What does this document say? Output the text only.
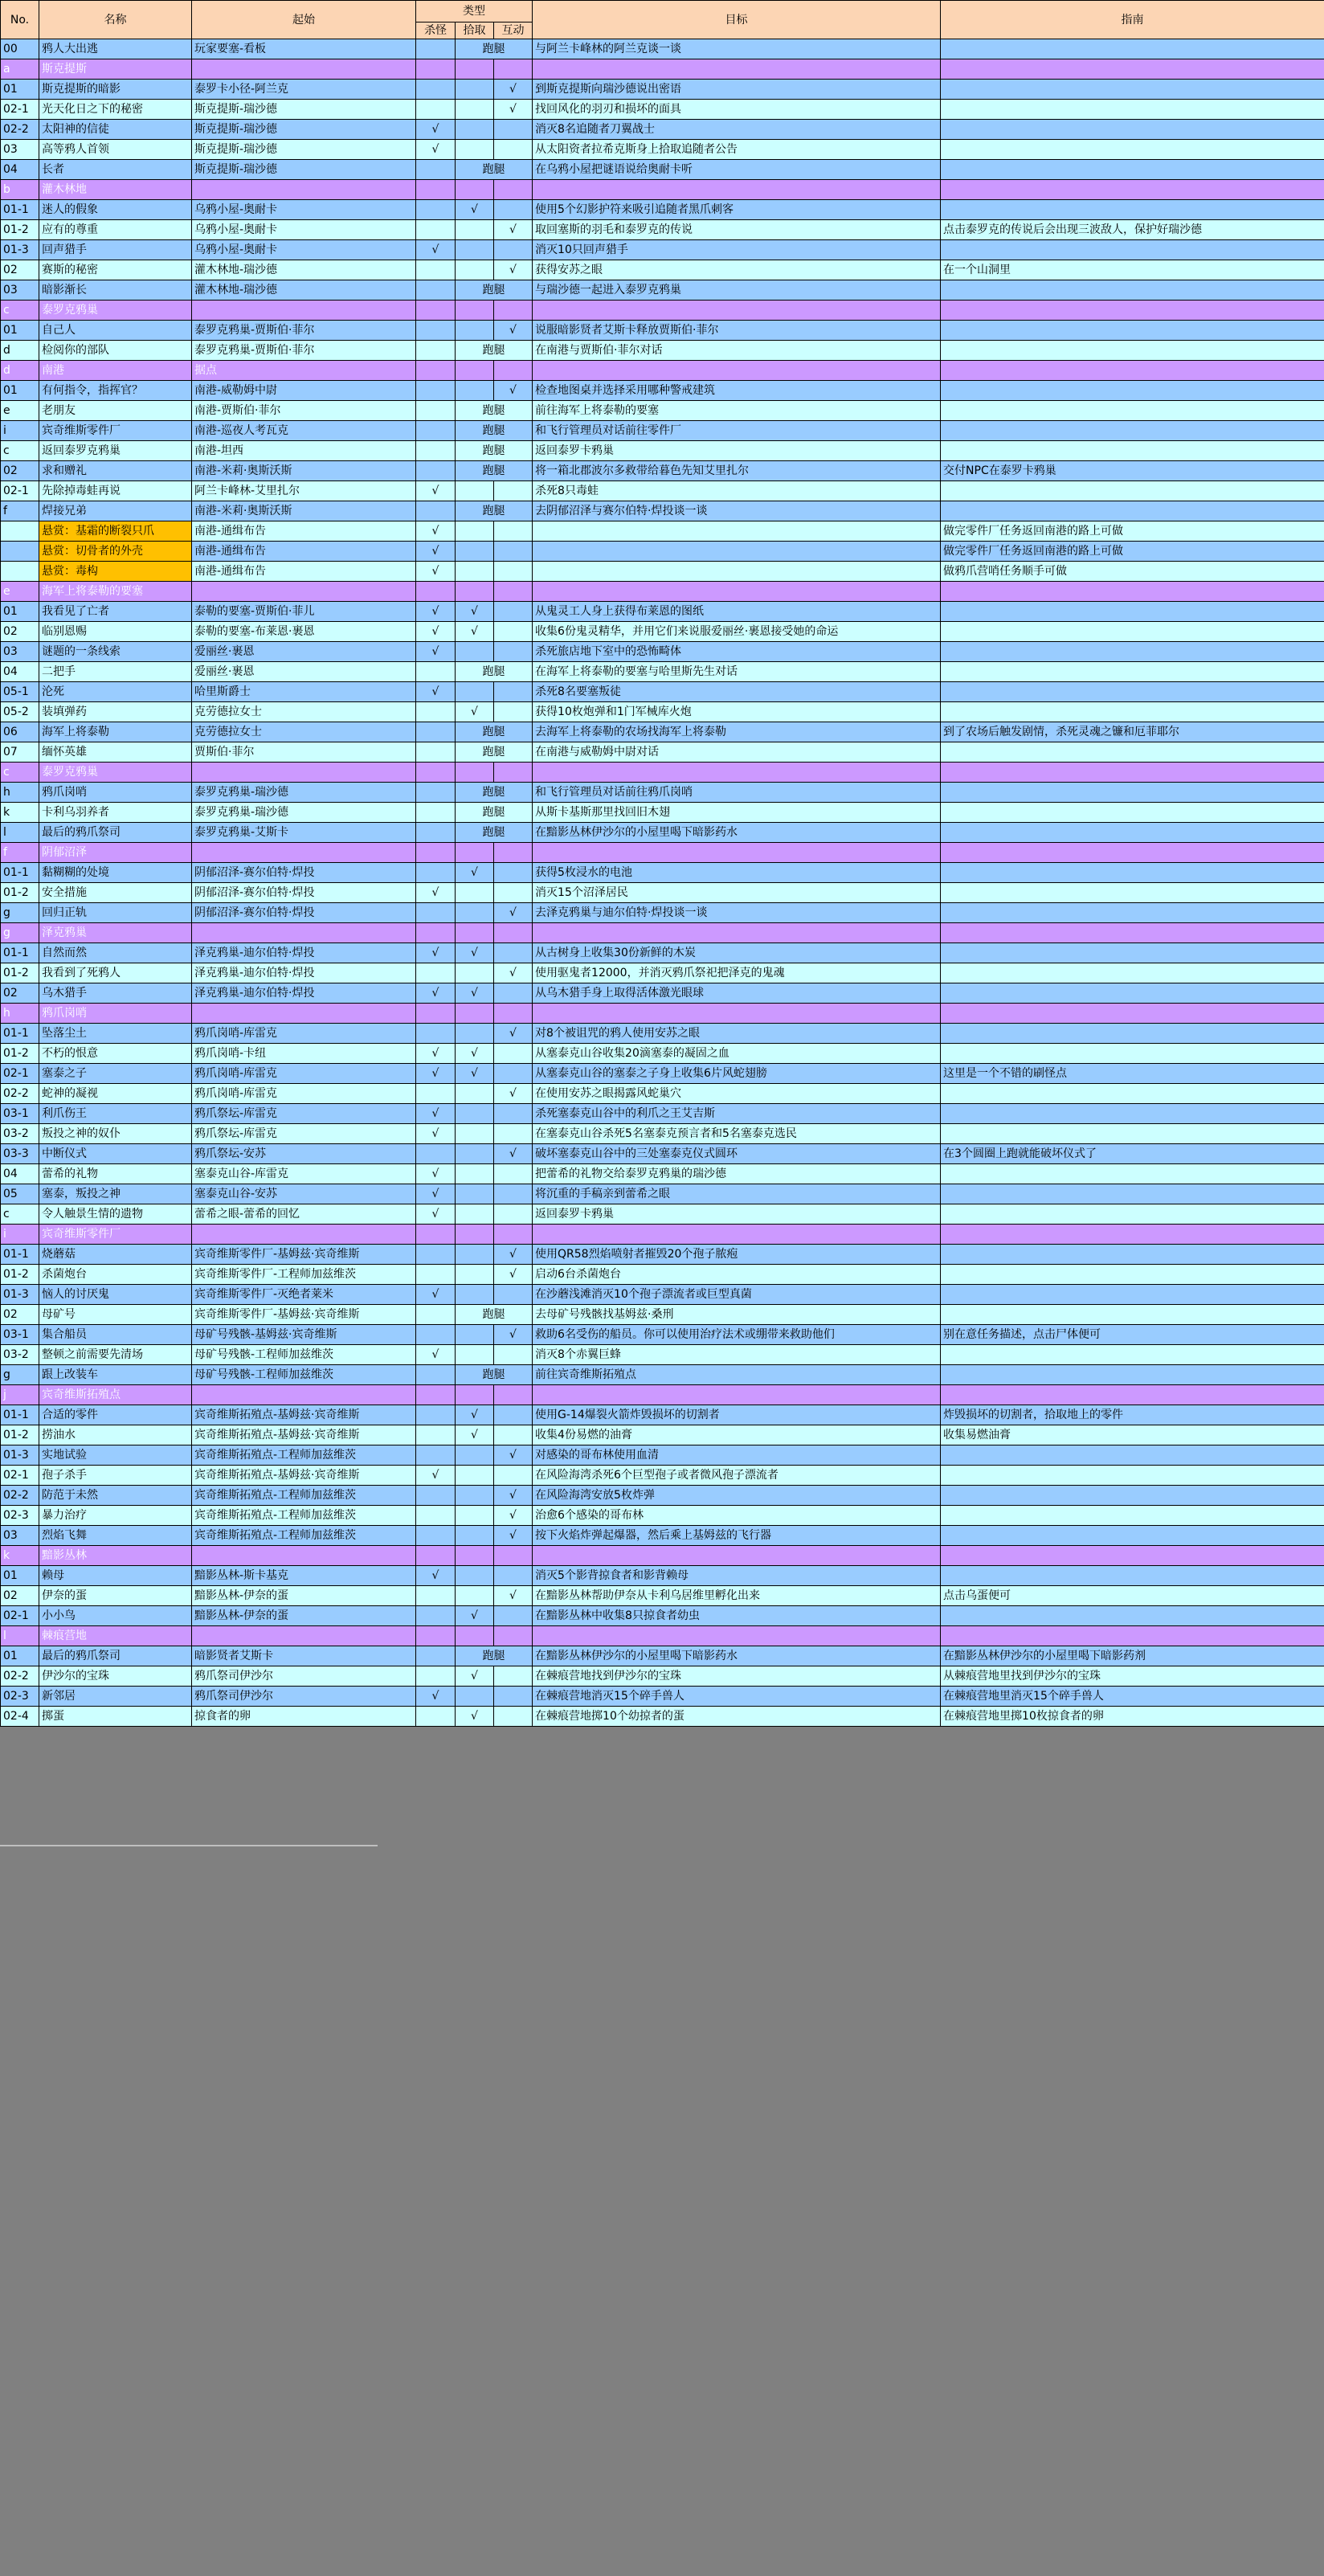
No.	名称	起始	类型			目标	指南
			杀怪	拾取	互动		
00	鸦人大出逃	玩家要塞-看板		跑腿		与阿兰卡峰林的阿兰克谈一谈	
a	斯克提斯						
01	斯克提斯的暗影	泰罗卡小径-阿兰克			√	到斯克提斯向瑞沙德说出密语	
02-1	光天化日之下的秘密	斯克提斯-瑞沙德			√	找回风化的羽刃和损坏的面具	
02-2	太阳神的信徒	斯克提斯-瑞沙德	√			消灭8名追随者刀翼战士	
03	高等鸦人首领	斯克提斯-瑞沙德	√			从太阳资者拉希克斯身上拾取追随者公告	
04	长者	斯克提斯-瑞沙德		跑腿		在乌鸦小屋把谜语说给奥耐卡听	
b	灌木林地						
01-1	迷人的假象	乌鸦小屋-奥耐卡		√		使用5个幻影护符来吸引追随者黑爪刺客	
01-2	应有的尊重	乌鸦小屋-奥耐卡			√	取回塞斯的羽毛和泰罗克的传说	点击泰罗克的传说后会出现三波敌人，保护好瑞沙德
01-3	回声猎手	乌鸦小屋-奥耐卡	√			消灭10只回声猎手	
02	赛斯的秘密	灌木林地-瑞沙德			√	获得安苏之眼	在一个山洞里
03	暗影渐长	灌木林地-瑞沙德		跑腿		与瑞沙德一起进入泰罗克鸦巢	
c	泰罗克鸦巢						
01	自己人	泰罗克鸦巢-贾斯伯·菲尔			√	说服暗影贤者艾斯卡释放贾斯伯·菲尔	
d	检阅你的部队	泰罗克鸦巢-贾斯伯·菲尔		跑腿		在南港与贾斯伯·菲尔对话	
d	南港	据点					
01	有何指令，指挥官？	南港-威勒姆中尉			√	检查地图桌并选择采用哪种警戒建筑	
e	老朋友	南港-贾斯伯·菲尔		跑腿		前往海军上将泰勒的要塞	
i	宾奇维斯零件厂	南港-巡夜人考瓦克		跑腿		和飞行管理员对话前往零件厂	
c	返回泰罗克鸦巢	南港-坦西		跑腿		返回泰罗卡鸦巢	
02	求和赠礼	南港-米莉·奥斯沃斯		跑腿		将一箱北郡波尔多救带给暮色先知艾里扎尔	交付NPC在泰罗卡鸦巢
02-1	先除掉毒蛙再说	阿兰卡峰林-艾里扎尔	√			杀死8只毒蛙	
f	焊接兄弟	南港-米莉·奥斯沃斯		跑腿		去阴郁沼泽与赛尔伯特·焊投谈一谈	
	悬赏：基霜的断裂只爪	南港-通缉布告	√				做完零件厂任务返回南港的路上可做
	悬赏：切骨者的外壳	南港-通缉布告	√				做完零件厂任务返回南港的路上可做
	悬赏：毒构	南港-通缉布告	√				做鸦爪营哨任务顺手可做
e	海军上将泰勒的要塞						
01	我看见了亡者	泰勒的要塞-贾斯伯·菲儿	√	√		从鬼灵工人身上获得布莱恩的图纸	
02	临别恩赐	泰勒的要塞-布莱恩·裹恩	√	√		收集6份鬼灵精华，并用它们来说服爱丽丝·裹恩接受她的命运	
03	谜题的一条线索	爱丽丝·裹恩	√			杀死旅店地下室中的恐怖畸体	
04	二把手	爱丽丝·裹恩		跑腿		在海军上将泰勒的要塞与哈里斯先生对话	
05-1	沦死	哈里斯爵士	√			杀死8名要塞叛徒	
05-2	装填弹药	克劳德拉女士		√		获得10枚炮弹和1门军械库火炮	
06	海军上将泰勒	克劳德拉女士		跑腿		去海军上将泰勒的农场找海军上将泰勒	到了农场后触发剧情，杀死灵魂之镰和厄菲耶尔
07	缅怀英雄	贾斯伯·菲尔		跑腿		在南港与威勒姆中尉对话	
c	泰罗克鸦巢						
h	鸦爪岗哨	泰罗克鸦巢-瑞沙德		跑腿		和飞行管理员对话前往鸦爪岗哨	
k	卡利乌羽养者	泰罗克鸦巢-瑞沙德		跑腿		从斯卡基斯那里找回旧木翅	
l	最后的鸦爪祭司	泰罗克鸦巢-艾斯卡		跑腿		在黯影丛林伊沙尔的小屋里喝下暗影药水	
f	阴郁沼泽						
01-1	黏糊糊的处境	阴郁沼泽-赛尔伯特·焊投		√		获得5枚浸水的电池	
01-2	安全措施	阴郁沼泽-赛尔伯特·焊投	√			消灭15个沼泽居民	
g	回归正轨	阴郁沼泽-赛尔伯特·焊投			√	去泽克鸦巢与迪尔伯特·焊投谈一谈	
g	泽克鸦巢						
01-1	自然而然	泽克鸦巢-迪尔伯特·焊投	√	√		从古树身上收集30份新鲜的木炭	
01-2	我看到了死鸦人	泽克鸦巢-迪尔伯特·焊投			√	使用驱鬼者12000，并消灭鸦爪祭祀把泽克的鬼魂	
02	乌木猎手	泽克鸦巢-迪尔伯特·焊投	√	√		从乌木猎手身上取得活体激光眼球	
h	鸦爪岗哨						
01-1	坠落尘土	鸦爪岗哨-库雷克			√	对8个被诅咒的鸦人使用安苏之眼	
01-2	不朽的恨意	鸦爪岗哨-卡纽	√	√		从塞泰克山谷收集20滴塞泰的凝固之血	
02-1	塞泰之子	鸦爪岗哨-库雷克	√	√		从塞泰克山谷的塞泰之子身上收集6片风蛇翅膀	这里是一个不错的刷怪点
02-2	蛇神的凝视	鸦爪岗哨-库雷克			√	在使用安苏之眼揭露风蛇巢穴	
03-1	利爪伤王	鸦爪祭坛-库雷克	√			杀死塞泰克山谷中的利爪之王艾吉斯	
03-2	叛投之神的奴仆	鸦爪祭坛-库雷克	√			在塞泰克山谷杀死5名塞泰克预言者和5名塞泰克选民	
03-3	中断仪式	鸦爪祭坛-安苏			√	破坏塞泰克山谷中的三处塞泰克仪式圆环	在3个圆圈上跑就能破坏仪式了
04	蕾希的礼物	塞泰克山谷-库雷克	√			把蕾希的礼物交给泰罗克鸦巢的瑞沙德	
05	塞泰，叛投之神	塞泰克山谷-安苏	√			将沉重的手稿亲到蕾希之眼	
c	令人触景生情的遗物	蕾希之眼-蕾希的回忆	√			返回泰罗卡鸦巢	
i	宾奇维斯零件厂						
01-1	烧蘑菇	宾奇维斯零件厂-基姆兹·宾奇维斯			√	使用QR58烈焰喷射者摧毁20个孢子脓疱	
01-2	杀菌炮台	宾奇维斯零件厂-工程师加兹维茨			√	启动6台杀菌炮台	
01-3	恼人的讨厌鬼	宾奇维斯零件厂-灭绝者莱米	√			在沙蘑浅滩消灭10个孢子漂流者或巨型真菌	
02	母矿号	宾奇维斯零件厂-基姆兹·宾奇维斯		跑腿		去母矿号残骸找基姆兹·桑刑	
03-1	集合船员	母矿号残骸-基姆兹·宾奇维斯			√	救助6名受伤的船员。你可以使用治疗法术或绷带来救助他们	别在意任务描述，点击尸体便可
03-2	整顿之前需要先清场	母矿号残骸-工程师加兹维茨	√			消灭8个赤翼巨蜂	
g	跟上改装车	母矿号残骸-工程师加兹维茨		跑腿		前往宾奇维斯拓殖点	
j	宾奇维斯拓殖点						
01-1	合适的零件	宾奇维斯拓殖点-基姆兹·宾奇维斯		√		使用G-14爆裂火箭炸毁损坏的切割者	炸毁损坏的切割者，拾取地上的零件
01-2	捞油水	宾奇维斯拓殖点-基姆兹·宾奇维斯		√		收集4份易燃的油膏	收集易燃油膏
01-3	实地试验	宾奇维斯拓殖点-工程师加兹维茨			√	对感染的哥布林使用血清	
02-1	孢子杀手	宾奇维斯拓殖点-基姆兹·宾奇维斯	√			在风险海湾杀死6个巨型孢子或者微风孢子漂流者	
02-2	防范于未然	宾奇维斯拓殖点-工程师加兹维茨			√	在风险海湾安放5枚炸弹	
02-3	暴力治疗	宾奇维斯拓殖点-工程师加兹维茨			√	治愈6个感染的哥布林	
03	烈焰飞舞	宾奇维斯拓殖点-工程师加兹维茨			√	按下火焰炸弹起爆器，然后乘上基姆兹的飞行器	
k	黯影丛林						
01	赖母	黯影丛林-斯卡基克	√			消灭5个影背掠食者和影背赖母	
02	伊奈的蛋	黯影丛林-伊奈的蛋			√	在黯影丛林帮助伊奈从卡利乌居维里孵化出来	点击乌蛋便可
02-1	小小鸟	黯影丛林-伊奈的蛋		√		在黯影丛林中收集8只掠食者幼虫	
l	棘痕营地						
01	最后的鸦爪祭司	暗影贤者艾斯卡		跑腿		在黯影丛林伊沙尔的小屋里喝下暗影药水	在黯影丛林伊沙尔的小屋里喝下暗影药剂
02-2	伊沙尔的宝珠	鸦爪祭司伊沙尔		√		在棘痕营地找到伊沙尔的宝珠	从棘痕营地里找到伊沙尔的宝珠
02-3	新邻居	鸦爪祭司伊沙尔	√			在棘痕营地消灭15个碎手兽人	在棘痕营地里消灭15个碎手兽人
02-4	掷蛋	掠食者的卵		√		在棘痕营地掷10个幼掠者的蛋	在棘痕营地里掷10枚掠食者的卵
